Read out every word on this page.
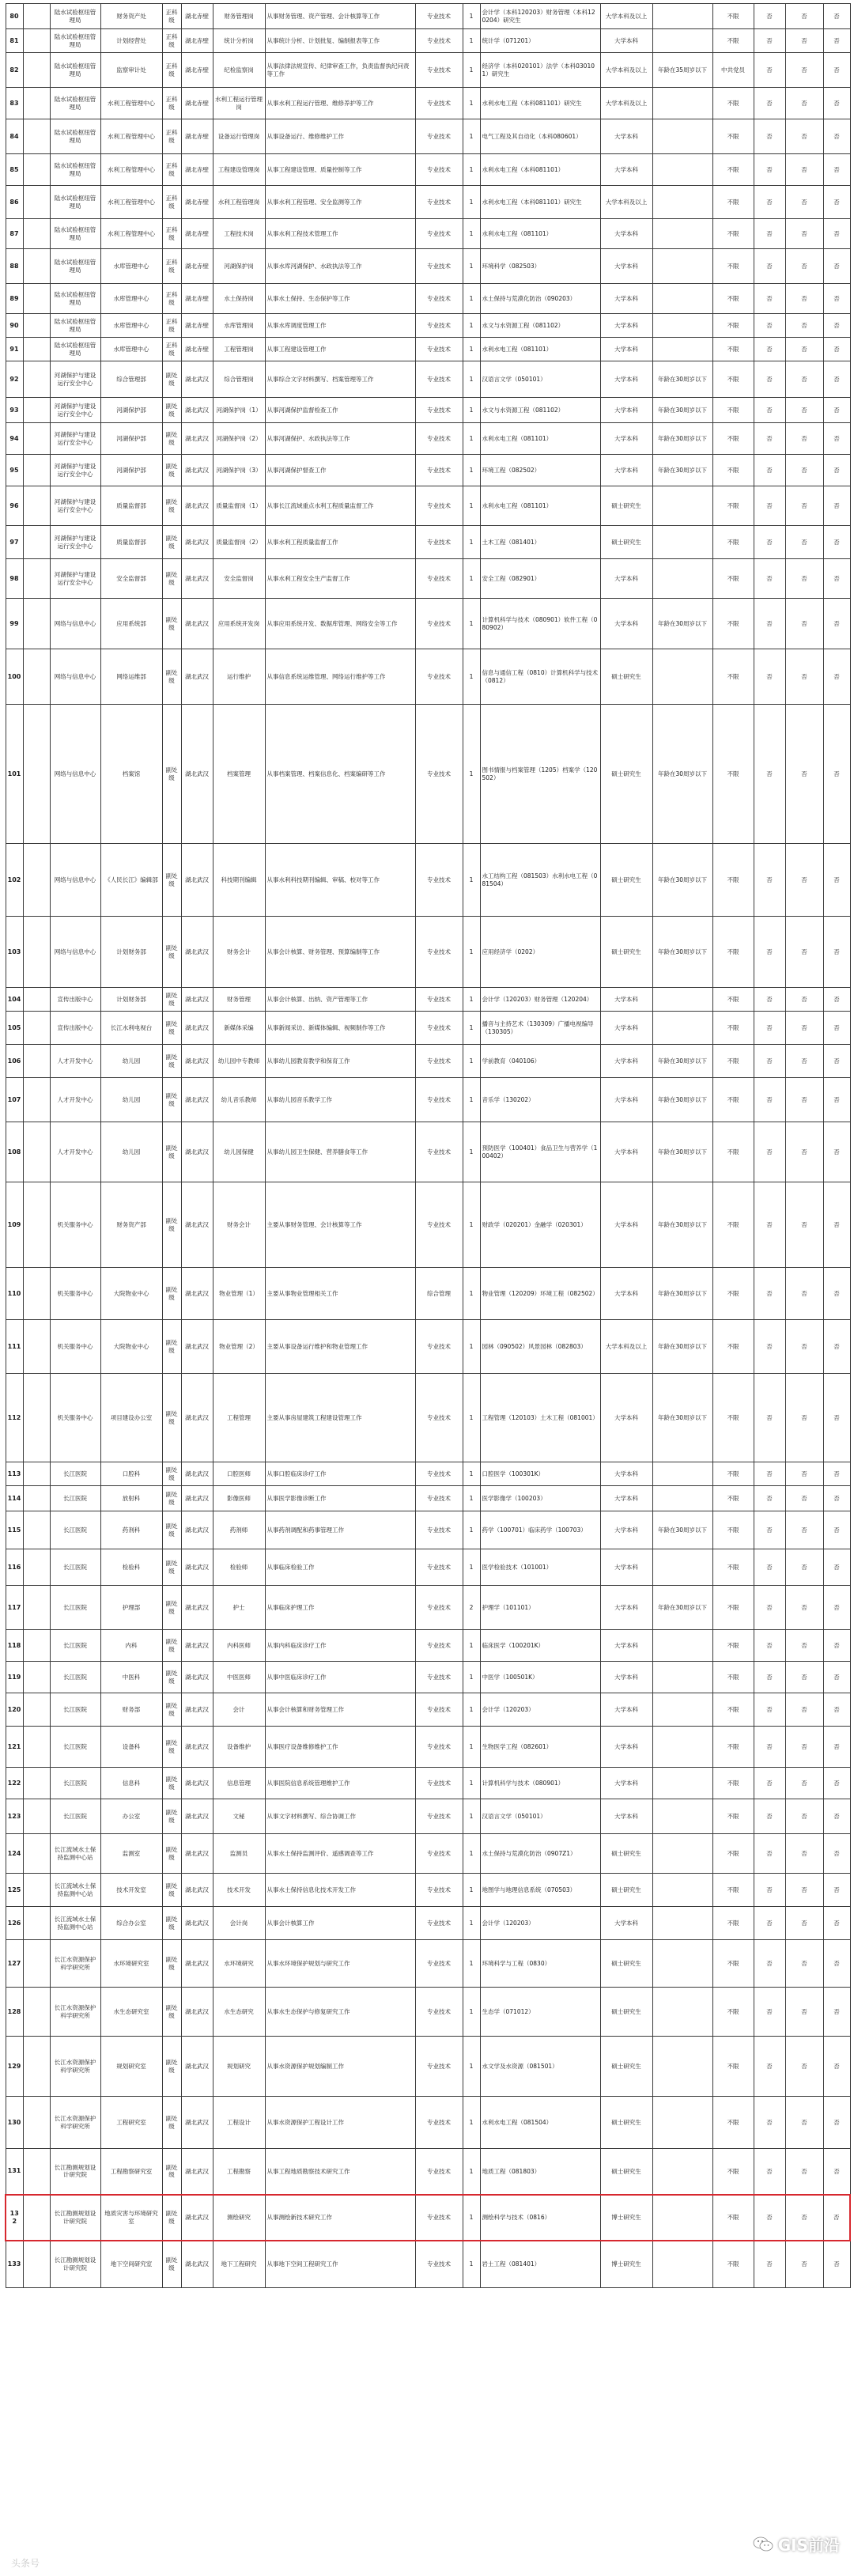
80		陆水试验枢纽管理局	财务资产处	正科级	湖北赤壁	财务管理岗	从事财务管理、资产管理、会计核算等工作	专业技术	1	会计学（本科120203）财务管理（本科120204）研究生	大学本科及以上		不限	否	否	否
81		陆水试验枢纽管理局	计划经营处	正科级	湖北赤壁	统计分析岗	从事统计分析、计划批复、编制报表等工作	专业技术	1	统计学（071201）	大学本科		不限	否	否	否
82		陆水试验枢纽管理局	监察审计处	正科级	湖北赤壁	纪检监察岗	从事法律法规宣传、纪律审查工作，负责监督执纪问责等工作	专业技术	1	经济学（本科020101）法学（本科030101）研究生	大学本科及以上	年龄在35周岁以下	中共党员	否	否	否
83		陆水试验枢纽管理局	水利工程管理中心	正科级	湖北赤壁	水利工程运行管理岗	从事水利工程运行管理、维修养护等工作	专业技术	1	水利水电工程（本科081101）研究生	大学本科及以上		不限	否	否	否
84		陆水试验枢纽管理局	水利工程管理中心	正科级	湖北赤壁	设备运行管理岗	从事设备运行、维修维护工作	专业技术	1	电气工程及其自动化（本科080601）	大学本科		不限	否	否	否
85		陆水试验枢纽管理局	水利工程管理中心	正科级	湖北赤壁	工程建设管理岗	从事工程建设管理、质量控制等工作	专业技术	1	水利水电工程（本科081101）	大学本科		不限	否	否	否
86		陆水试验枢纽管理局	水利工程管理中心	正科级	湖北赤壁	水利工程管理岗	从事水利工程管理、安全监测等工作	专业技术	1	水利水电工程（本科081101）研究生	大学本科及以上		不限	否	否	否
87		陆水试验枢纽管理局	水利工程管理中心	正科级	湖北赤壁	工程技术岗	从事水利工程技术管理工作	专业技术	1	水利水电工程（081101）	大学本科		不限	否	否	否
88		陆水试验枢纽管理局	水库管理中心	正科级	湖北赤壁	河湖保护岗	从事水库河湖保护、水政执法等工作	专业技术	1	环境科学（082503）	大学本科		不限	否	否	否
89		陆水试验枢纽管理局	水库管理中心	正科级	湖北赤壁	水土保持岗	从事水土保持、生态保护等工作	专业技术	1	水土保持与荒漠化防治（090203）	大学本科		不限	否	否	否
90		陆水试验枢纽管理局	水库管理中心	正科级	湖北赤壁	水库管理岗	从事水库调度管理工作	专业技术	1	水文与水资源工程（081102）	大学本科		不限	否	否	否
91		陆水试验枢纽管理局	水库管理中心	正科级	湖北赤壁	工程管理岗	从事工程建设管理工作	专业技术	1	水利水电工程（081101）	大学本科		不限	否	否	否
92		河湖保护与建设运行安全中心	综合管理部	副处级	湖北武汉	综合管理岗	从事综合文字材料撰写、档案管理等工作	专业技术	1	汉语言文学（050101）	大学本科	年龄在30周岁以下	不限	否	否	否
93		河湖保护与建设运行安全中心	河湖保护部	副处级	湖北武汉	河湖保护岗（1）	从事河湖保护监督检查工作	专业技术	1	水文与水资源工程（081102）	大学本科	年龄在30周岁以下	不限	否	否	否
94		河湖保护与建设运行安全中心	河湖保护部	副处级	湖北武汉	河湖保护岗（2）	从事河湖保护、水政执法等工作	专业技术	1	水利水电工程（081101）	大学本科	年龄在30周岁以下	不限	否	否	否
95		河湖保护与建设运行安全中心	河湖保护部	副处级	湖北武汉	河湖保护岗（3）	从事河湖保护督查工作	专业技术	1	环境工程（082502）	大学本科	年龄在30周岁以下	不限	否	否	否
96		河湖保护与建设运行安全中心	质量监督部	副处级	湖北武汉	质量监督岗（1）	从事长江流域重点水利工程质量监督工作	专业技术	1	水利水电工程（081101）	硕士研究生		不限	否	否	否
97		河湖保护与建设运行安全中心	质量监督部	副处级	湖北武汉	质量监督岗（2）	从事水利工程质量监督工作	专业技术	1	土木工程（081401）	硕士研究生		不限	否	否	否
98		河湖保护与建设运行安全中心	安全监督部	副处级	湖北武汉	安全监督岗	从事水利工程安全生产监督工作	专业技术	1	安全工程（082901）	大学本科		不限	否	否	否
99		网络与信息中心	应用系统部	副处级	湖北武汉	应用系统开发岗	从事应用系统开发、数据库管理、网络安全等工作	专业技术	1	计算机科学与技术（080901）软件工程（080902）	大学本科	年龄在30周岁以下	不限	否	否	否
100		网络与信息中心	网络运维部	副处级	湖北武汉	运行维护	从事信息系统运维管理、网络运行维护等工作	专业技术	1	信息与通信工程（0810）计算机科学与技术（0812）	硕士研究生		不限	否	否	否
101		网络与信息中心	档案馆	副处级	湖北武汉	档案管理	从事档案管理、档案信息化、档案编研等工作	专业技术	1	图书情报与档案管理（1205）档案学（120502）	硕士研究生	年龄在30周岁以下	不限	否	否	否
102		网络与信息中心	《人民长江》编辑部	副处级	湖北武汉	科技期刊编辑	从事水利科技期刊编辑、审稿、校对等工作	专业技术	1	水工结构工程（081503）水利水电工程（081504）	硕士研究生	年龄在30周岁以下	不限	否	否	否
103		网络与信息中心	计划财务部	副处级	湖北武汉	财务会计	从事会计核算、财务管理、预算编制等工作	专业技术	1	应用经济学（0202）	硕士研究生	年龄在30周岁以下	不限	否	否	否
104		宣传出版中心	计划财务部	副处级	湖北武汉	财务管理	从事会计核算、出纳、资产管理等工作	专业技术	1	会计学（120203）财务管理（120204）	大学本科		不限	否	否	否
105		宣传出版中心	长江水利电视台	副处级	湖北武汉	新媒体采编	从事新闻采访、新媒体编辑、视频制作等工作	专业技术	1	播音与主持艺术（130309）广播电视编导（130305）	大学本科		不限	否	否	否
106		人才开发中心	幼儿园	副处级	湖北武汉	幼儿园中专教师	从事幼儿园教育教学和保育工作	专业技术	1	学前教育（040106）	大学本科	年龄在30周岁以下	不限	否	否	否
107		人才开发中心	幼儿园	副处级	湖北武汉	幼儿音乐教师	从事幼儿园音乐教学工作	专业技术	1	音乐学（130202）	大学本科	年龄在30周岁以下	不限	否	否	否
108		人才开发中心	幼儿园	副处级	湖北武汉	幼儿园保健	从事幼儿园卫生保健、营养膳食等工作	专业技术	1	预防医学（100401）食品卫生与营养学（100402）	大学本科	年龄在30周岁以下	不限	否	否	否
109		机关服务中心	财务资产部	副处级	湖北武汉	财务会计	主要从事财务管理、会计核算等工作	专业技术	1	财政学（020201）金融学（020301）	大学本科	年龄在30周岁以下	不限	否	否	否
110		机关服务中心	大院物业中心	副处级	湖北武汉	物业管理（1）	主要从事物业管理相关工作	综合管理	1	物业管理（120209）环境工程（082502）	大学本科	年龄在30周岁以下	不限	否	否	否
111		机关服务中心	大院物业中心	副处级	湖北武汉	物业管理（2）	主要从事设备运行维护和物业管理工作	专业技术	1	园林（090502）风景园林（082803）	大学本科及以上	年龄在30周岁以下	不限	否	否	否
112		机关服务中心	项目建设办公室	副处级	湖北武汉	工程管理	主要从事房屋建筑工程建设管理工作	专业技术	1	工程管理（120103）土木工程（081001）	大学本科	年龄在30周岁以下	不限	否	否	否
113		长江医院	口腔科	副处级	湖北武汉	口腔医师	从事口腔临床诊疗工作	专业技术	1	口腔医学（100301K）	大学本科		不限	否	否	否
114		长江医院	放射科	副处级	湖北武汉	影像医师	从事医学影像诊断工作	专业技术	1	医学影像学（100203）	大学本科		不限	否	否	否
115		长江医院	药剂科	副处级	湖北武汉	药剂师	从事药剂调配和药事管理工作	专业技术	1	药学（100701）临床药学（100703）	大学本科	年龄在30周岁以下	不限	否	否	否
116		长江医院	检验科	副处级	湖北武汉	检验师	从事临床检验工作	专业技术	1	医学检验技术（101001）	大学本科		不限	否	否	否
117		长江医院	护理部	副处级	湖北武汉	护士	从事临床护理工作	专业技术	2	护理学（101101）	大学本科	年龄在30周岁以下	不限	否	否	否
118		长江医院	内科	副处级	湖北武汉	内科医师	从事内科临床诊疗工作	专业技术	1	临床医学（100201K）	大学本科		不限	否	否	否
119		长江医院	中医科	副处级	湖北武汉	中医医师	从事中医临床诊疗工作	专业技术	1	中医学（100501K）	大学本科		不限	否	否	否
120		长江医院	财务部	副处级	湖北武汉	会计	从事会计核算和财务管理工作	专业技术	1	会计学（120203）	大学本科		不限	否	否	否
121		长江医院	设备科	副处级	湖北武汉	设备维护	从事医疗设备维修维护工作	专业技术	1	生物医学工程（082601）	大学本科		不限	否	否	否
122		长江医院	信息科	副处级	湖北武汉	信息管理	从事医院信息系统管理维护工作	专业技术	1	计算机科学与技术（080901）	大学本科		不限	否	否	否
123		长江医院	办公室	副处级	湖北武汉	文秘	从事文字材料撰写、综合协调工作	专业技术	1	汉语言文学（050101）	大学本科		不限	否	否	否
124		长江流域水土保持监测中心站	监测室	副处级	湖北武汉	监测员	从事水土保持监测评价、遥感调查等工作	专业技术	1	水土保持与荒漠化防治（0907Z1）	硕士研究生		不限	否	否	否
125		长江流域水土保持监测中心站	技术开发室	副处级	湖北武汉	技术开发	从事水土保持信息化技术开发工作	专业技术	1	地图学与地理信息系统（070503）	硕士研究生		不限	否	否	否
126		长江流域水土保持监测中心站	综合办公室	副处级	湖北武汉	会计岗	从事会计核算工作	专业技术	1	会计学（120203）	大学本科		不限	否	否	否
127		长江水资源保护科学研究所	水环境研究室	副处级	湖北武汉	水环境研究	从事水环境保护规划与研究工作	专业技术	1	环境科学与工程（0830）	硕士研究生		不限	否	否	否
128		长江水资源保护科学研究所	水生态研究室	副处级	湖北武汉	水生态研究	从事水生态保护与修复研究工作	专业技术	1	生态学（071012）	硕士研究生		不限	否	否	否
129		长江水资源保护科学研究所	规划研究室	副处级	湖北武汉	规划研究	从事水资源保护规划编制工作	专业技术	1	水文学及水资源（081501）	硕士研究生		不限	否	否	否
130		长江水资源保护科学研究所	工程研究室	副处级	湖北武汉	工程设计	从事水资源保护工程设计工作	专业技术	1	水利水电工程（081504）	硕士研究生		不限	否	否	否
131		长江勘测规划设计研究院	工程勘察研究室	副处级	湖北武汉	工程勘察	从事工程地质勘察技术研究工作	专业技术	1	地质工程（081803）	硕士研究生		不限	否	否	否
132		长江勘测规划设计研究院	地质灾害与环境研究室	副处级	湖北武汉	测绘研究	从事测绘新技术研究工作	专业技术	1	测绘科学与技术（0816）	博士研究生		不限	否	否	否
133		长江勘测规划设计研究院	地下空间研究室	副处级	湖北武汉	地下工程研究	从事地下空间工程研究工作	专业技术	1	岩土工程（081401）	博士研究生		不限	否	否	否
头条号
GIS前沿
